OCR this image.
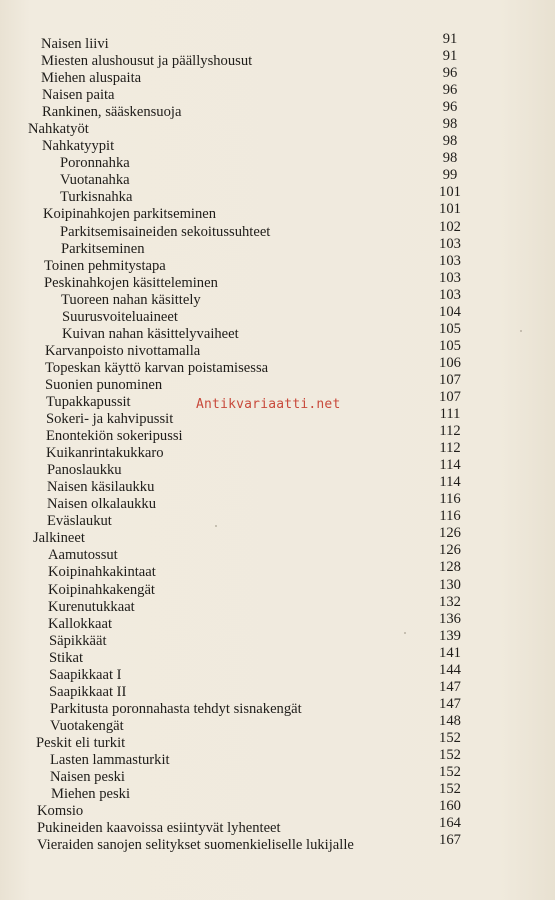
Naisen liivi	91
Miesten alushousut ja päällyshousut	91
Miehen aluspaita	96
Naisen paita	96
Rankinen, sääskensuoja	96
Nahkatyöt	98
Nahkatyypit	98
Poronnahka	98
Vuotanahka	99
Turkisnahka	101
Koipinahkojen parkitseminen	101
Parkitsemisaineiden sekoitussuhteet	102
Parkitseminen	103
Toinen pehmitystapa	103
Peskinahkojen käsitteleminen	103
Tuoreen nahan käsittely	103
Suurusvoiteluaineet	104
Kuivan nahan käsittelyvaiheet	105
Karvanpoisto nivottamalla	105
Topeskan käyttö karvan poistamisessa	106
Suonien punominen	107
Tupakkapussit	107
Sokeri- ja kahvipussit	111
Enontekiön sokeripussi	112
Kuikanrintakukkaro	112
Panoslaukku	114
Naisen käsilaukku	114
Naisen olkalaukku	116
Eväslaukut	116
Jalkineet	126
Aamutossut	126
Koipinahkakintaat	128
Koipinahkakengät	130
Kurenutukkaat	132
Kallokkaat	136
Säpikkäät	139
Stikat	141
Saapikkaat I	144
Saapikkaat II	147
Parkitusta poronnahasta tehdyt sisnakengät	147
Vuotakengät	148
Peskit eli turkit	152
Lasten lammasturkit	152
Naisen peski	152
Miehen peski	152
Komsio	160
Pukineiden kaavoissa esiintyvät lyhenteet	164
Vieraiden sanojen selitykset suomenkieliselle lukijalle	167
Antikvariaatti.net
